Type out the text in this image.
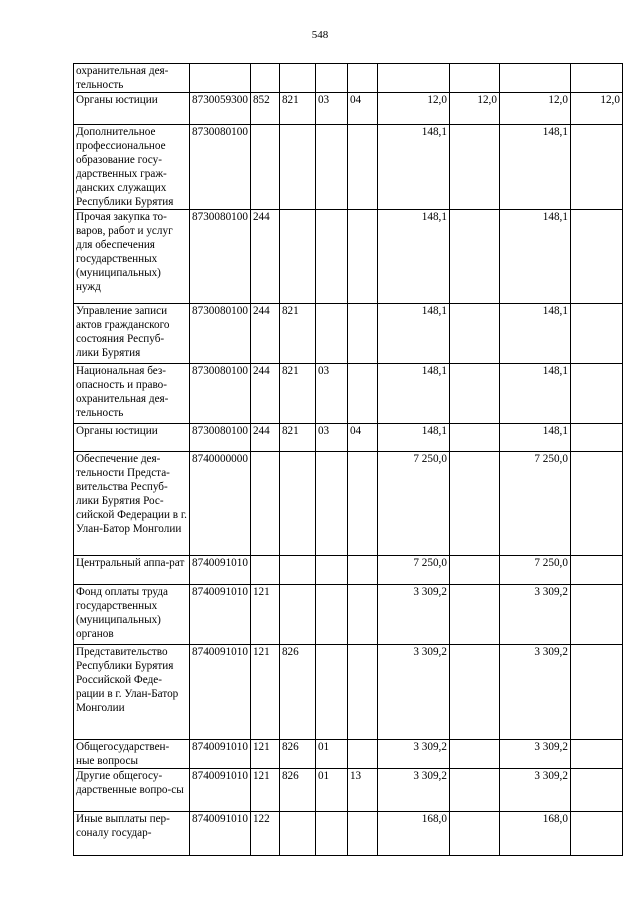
548
охранительная дея-тельность									
Органы юстиции	8730059300	852	821	03	04	12,0	12,0	12,0	12,0
Дополнительное профессиональное образование госу-дарственных граж-данских служащих Республики Бурятия	8730080100					148,1		148,1	
Прочая закупка то-варов, работ и услуг для обеспечения государственных (муниципальных) нужд	8730080100	244				148,1		148,1	
Управление записи актов гражданского состояния Респуб-лики Бурятия	8730080100	244	821			148,1		148,1	
Национальная без-опасность и право-охранительная дея-тельность	8730080100	244	821	03		148,1		148,1	
Органы юстиции	8730080100	244	821	03	04	148,1		148,1	
Обеспечение дея-тельности Предста-вительства Респуб-лики Бурятия Рос-сийской Федерации в г. Улан-Батор Монголии	8740000000					7 250,0		7 250,0	
Центральный аппа-рат	8740091010					7 250,0		7 250,0	
Фонд оплаты труда государственных (муниципальных) органов	8740091010	121				3 309,2		3 309,2	
Представительство Республики Бурятия Российской Феде-рации в г. Улан-Батор Монголии	8740091010	121	826			3 309,2		3 309,2	
Общегосударствен-ные вопросы	8740091010	121	826	01		3 309,2		3 309,2	
Другие общегосу-дарственные вопро-сы	8740091010	121	826	01	13	3 309,2		3 309,2	
Иные выплаты пер-соналу государ-	8740091010	122				168,0		168,0	
